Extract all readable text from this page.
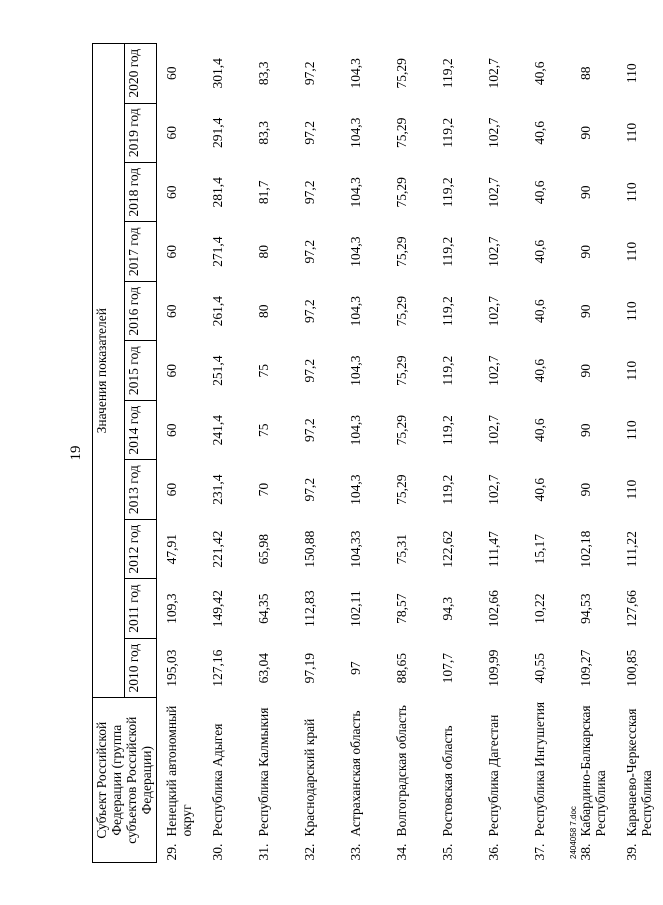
19
Субъект Российской Федерации (группа субъектов Российской Федерации)	Значения показателей										
	2010 год	2011 год	2012 год	2013 год	2014 год	2015 год	2016 год	2017 год	2018 год	2019 год	2020 год

29.
Ненецкий автономный округ	195,03	109,3	47,91	60	60	60	60	60	60	60	60

30.
Республика Адыгея	127,16	149,42	221,42	231,4	241,4	251,4	261,4	271,4	281,4	291,4	301,4

31.
Республика Калмыкия	63,04	64,35	65,98	70	75	75	80	80	81,7	83,3	83,3

32.
Краснодарский край	97,19	112,83	150,88	97,2	97,2	97,2	97,2	97,2	97,2	97,2	97,2

33.
Астраханская область	97	102,11	104,33	104,3	104,3	104,3	104,3	104,3	104,3	104,3	104,3

34.
Волгоградская область	88,65	78,57	75,31	75,29	75,29	75,29	75,29	75,29	75,29	75,29	75,29

35.
Ростовская область	107,7	94,3	122,62	119,2	119,2	119,2	119,2	119,2	119,2	119,2	119,2

36.
Республика Дагестан	109,99	102,66	111,47	102,7	102,7	102,7	102,7	102,7	102,7	102,7	102,7

37.
Республика Ингушетия	40,55	10,22	15,17	40,6	40,6	40,6	40,6	40,6	40,6	40,6	40,6

38.
Кабардино-Балкарская Республика	109,27	94,53	102,18	90	90	90	90	90	90	90	88

39.
Карачаево-Черкесская Республика	100,85	127,66	111,22	110	110	110	110	110	110	110	110
2404058 7.doc
